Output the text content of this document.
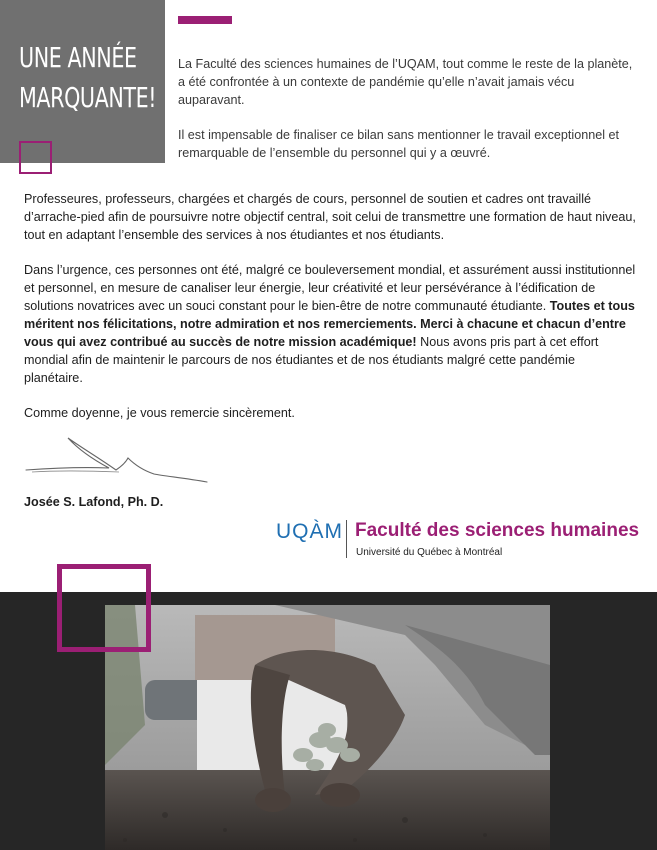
UNE ANNÉE
MARQUANTE!

La Faculté des sciences humaines de l’UQAM, tout comme le reste de la planète, a été confrontée à un contexte de pandémie qu’elle n’avait jamais vécu auparavant.

Il est impensable de finaliser ce bilan sans mentionner le travail exceptionnel et remarquable de l’ensemble du personnel qui y a œuvré.

Professeures, professeurs, chargées et chargés de cours, personnel de soutien et cadres ont travaillé d’arrache-pied afin de poursuivre notre objectif central, soit celui de transmettre une formation de haut niveau, tout en adaptant l’ensemble des services à nos étudiantes et nos étudiants.

Dans l’urgence, ces personnes ont été, malgré ce bouleversement mondial, et assurément aussi institutionnel et personnel, en mesure de canaliser leur énergie, leur créativité et leur persévérance à l’édification de solutions novatrices avec un souci constant pour le bien-être de notre communauté étudiante. Toutes et tous méritent nos félicitations, notre admiration et nos remerciements. Merci à chacune et chacun d’entre vous qui avez contribué au succès de notre mission académique! Nous avons pris part à cet effort mondial afin de maintenir le parcours de nos étudiantes et de nos étudiants malgré cette pandémie planétaire.

Comme doyenne, je vous remercie sincèrement.

Josée S. Lafond, Ph. D.
UQÀM Faculté des sciences humaines
Université du Québec à Montréal
